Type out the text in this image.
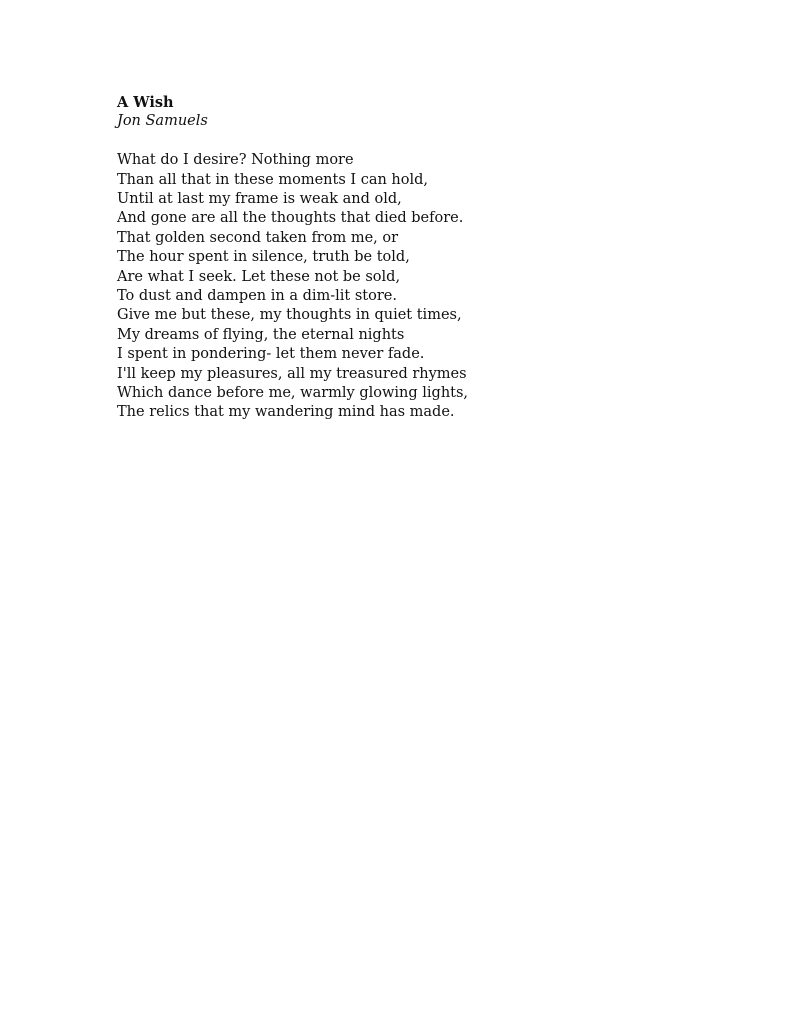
A Wish
Jon Samuels
What do I desire? Nothing more
Than all that in these moments I can hold,
Until at last my frame is weak and old,
And gone are all the thoughts that died before.
That golden second taken from me, or
The hour spent in silence, truth be told,
Are what I seek. Let these not be sold,
To dust and dampen in a dim-lit store.
Give me but these, my thoughts in quiet times,
My dreams of flying, the eternal nights
I spent in pondering- let them never fade.
I'll keep my pleasures, all my treasured rhymes
Which dance before me, warmly glowing lights,
The relics that my wandering mind has made.
